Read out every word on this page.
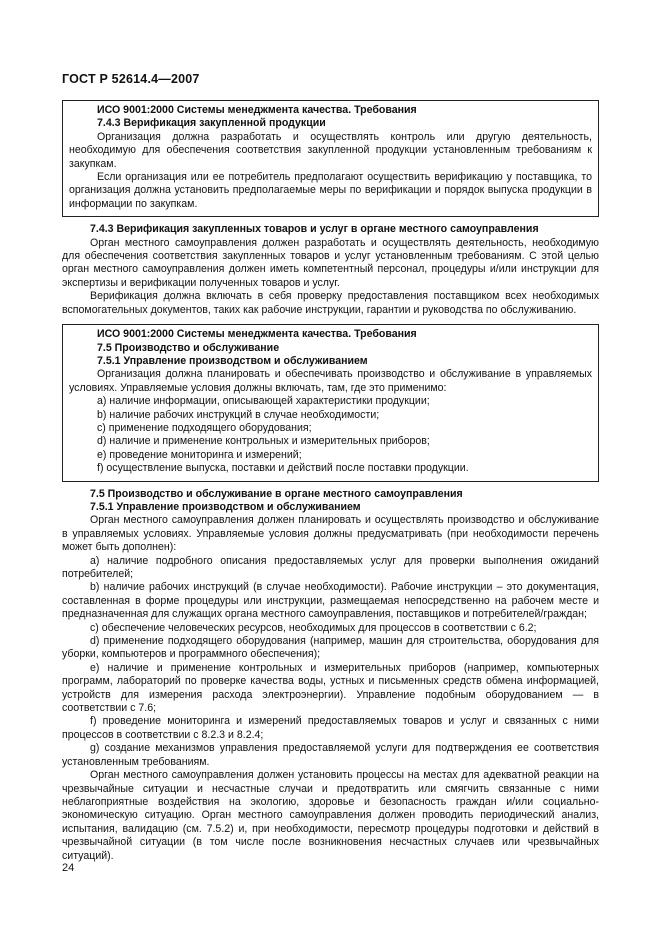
ГОСТ Р 52614.4—2007

ИСО 9001:2000 Системы менеджмента качества. Требования

7.4.3 Верификация закупленной продукции

Организация должна разработать и осуществлять контроль или другую деятельность, необходимую для обеспечения соответствия закупленной продукции установленным требованиям к закупкам.

Если организация или ее потребитель предполагают осуществить верификацию у поставщика, то организация должна установить предполагаемые меры по верификации и порядок выпуска продукции в информации по закупкам.

7.4.3 Верификация закупленных товаров и услуг в органе местного самоуправления

Орган местного самоуправления должен разработать и осуществлять деятельность, необходимую для обеспечения соответствия закупленных товаров и услуг установленным требованиям. С этой целью орган местного самоуправления должен иметь компетентный персонал, процедуры и/или инструкции для экспертизы и верификации полученных товаров и услуг.

Верификация должна включать в себя проверку предоставления поставщиком всех необходимых вспомогательных документов, таких как рабочие инструкции, гарантии и руководства по обслуживанию.

ИСО 9001:2000 Системы менеджмента качества. Требования

7.5 Производство и обслуживание

7.5.1 Управление производством и обслуживанием

Организация должна планировать и обеспечивать производство и обслуживание в управляемых условиях. Управляемые условия должны включать, там, где это применимо:

а) наличие информации, описывающей характеристики продукции;

b) наличие рабочих инструкций в случае необходимости;

c) применение подходящего оборудования;

d) наличие и применение контрольных и измерительных приборов;

e) проведение мониторинга и измерений;

f) осуществление выпуска, поставки и действий после поставки продукции.

7.5 Производство и обслуживание в органе местного самоуправления

7.5.1 Управление производством и обслуживанием

Орган местного самоуправления должен планировать и осуществлять производство и обслуживание в управляемых условиях. Управляемые условия должны предусматривать (при необходимости перечень может быть дополнен):

а) наличие подробного описания предоставляемых услуг для проверки выполнения ожиданий потребителей;

b) наличие рабочих инструкций (в случае необходимости). Рабочие инструкции – это документация, составленная в форме процедуры или инструкции, размещаемая непосредственно на рабочем месте и предназначенная для служащих органа местного самоуправления, поставщиков и потребителей/граждан;

c) обеспечение человеческих ресурсов, необходимых для процессов в соответствии с 6.2;

d) применение подходящего оборудования (например, машин для строительства, оборудования для уборки, компьютеров и программного обеспечения);

e) наличие и применение контрольных и измерительных приборов (например, компьютерных программ, лабораторий по проверке качества воды, устных и письменных средств обмена информацией, устройств для измерения расхода электроэнергии). Управление подобным оборудованием — в соответствии с 7.6;

f) проведение мониторинга и измерений предоставляемых товаров и услуг и связанных с ними процессов в соответствии с 8.2.3 и 8.2.4;

g) создание механизмов управления предоставляемой услуги для подтверждения ее соответствия установленным требованиям.

Орган местного самоуправления должен установить процессы на местах для адекватной реакции на чрезвычайные ситуации и несчастные случаи и предотвратить или смягчить связанные с ними неблагоприятные воздействия на экологию, здоровье и безопасность граждан и/или социально-экономическую ситуацию. Орган местного самоуправления должен проводить периодический анализ, испытания, валидацию (см. 7.5.2) и, при необходимости, пересмотр процедуры подготовки и действий в чрезвычайной ситуации (в том числе после возникновения несчастных случаев или чрезвычайных ситуаций).

24
